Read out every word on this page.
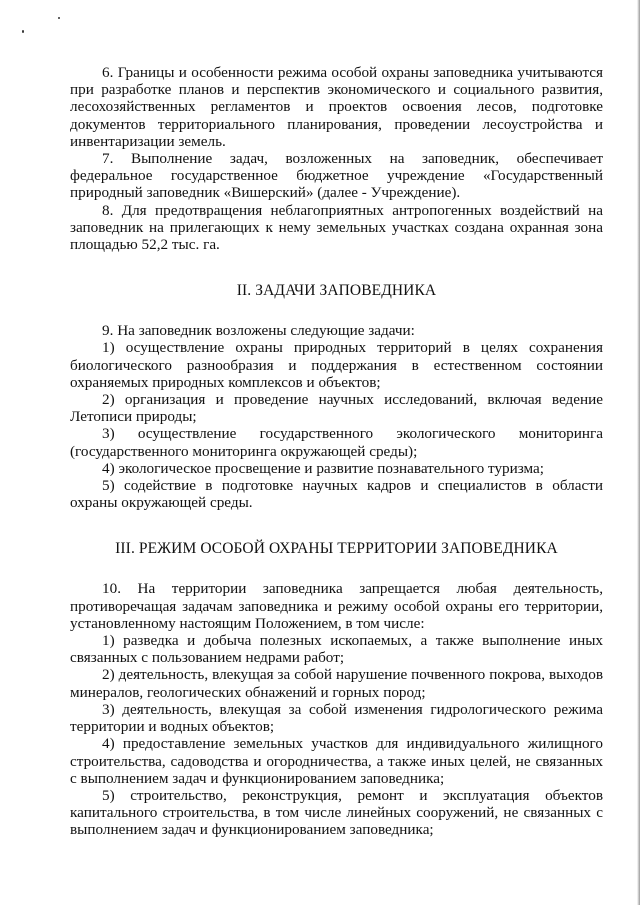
6. Границы и особенности режима особой охраны заповедника учитываются при разработке планов и перспектив экономического и социального развития, лесохозяйственных регламентов и проектов освоения лесов, подготовке документов территориального планирования, проведении лесоустройства и инвентаризации земель.

7. Выполнение задач, возложенных на заповедник, обеспечивает федеральное государственное бюджетное учреждение «Государственный природный заповедник «Вишерский» (далее - Учреждение).

8. Для предотвращения неблагоприятных антропогенных воздействий на заповедник на прилегающих к нему земельных участках создана охранная зона площадью 52,2 тыс. га.

II. ЗАДАЧИ ЗАПОВЕДНИКА

9. На заповедник возложены следующие задачи:

1) осуществление охраны природных территорий в целях сохранения биологического разнообразия и поддержания в естественном состоянии охраняемых природных комплексов и объектов;

2) организация и проведение научных исследований, включая ведение Летописи природы;

3) осуществление государственного экологического мониторинга (государственного мониторинга окружающей среды);

4) экологическое просвещение и развитие познавательного туризма;

5) содействие в подготовке научных кадров и специалистов в области охраны окружающей среды.

III. РЕЖИМ ОСОБОЙ ОХРАНЫ ТЕРРИТОРИИ ЗАПОВЕДНИКА

10. На территории заповедника запрещается любая деятельность, противоречащая задачам заповедника и режиму особой охраны его территории, установленному настоящим Положением, в том числе:

1) разведка и добыча полезных ископаемых, а также выполнение иных связанных с пользованием недрами работ;

2) деятельность, влекущая за собой нарушение почвенного покрова, выходов минералов, геологических обнажений и горных пород;

3) деятельность, влекущая за собой изменения гидрологического режима территории и водных объектов;

4) предоставление земельных участков для индивидуального жилищного строительства, садоводства и огородничества, а также иных целей, не связанных с выполнением задач и функционированием заповедника;

5) строительство, реконструкция, ремонт и эксплуатация объектов капитального строительства, в том числе линейных сооружений, не связанных с выполнением задач и функционированием заповедника;
